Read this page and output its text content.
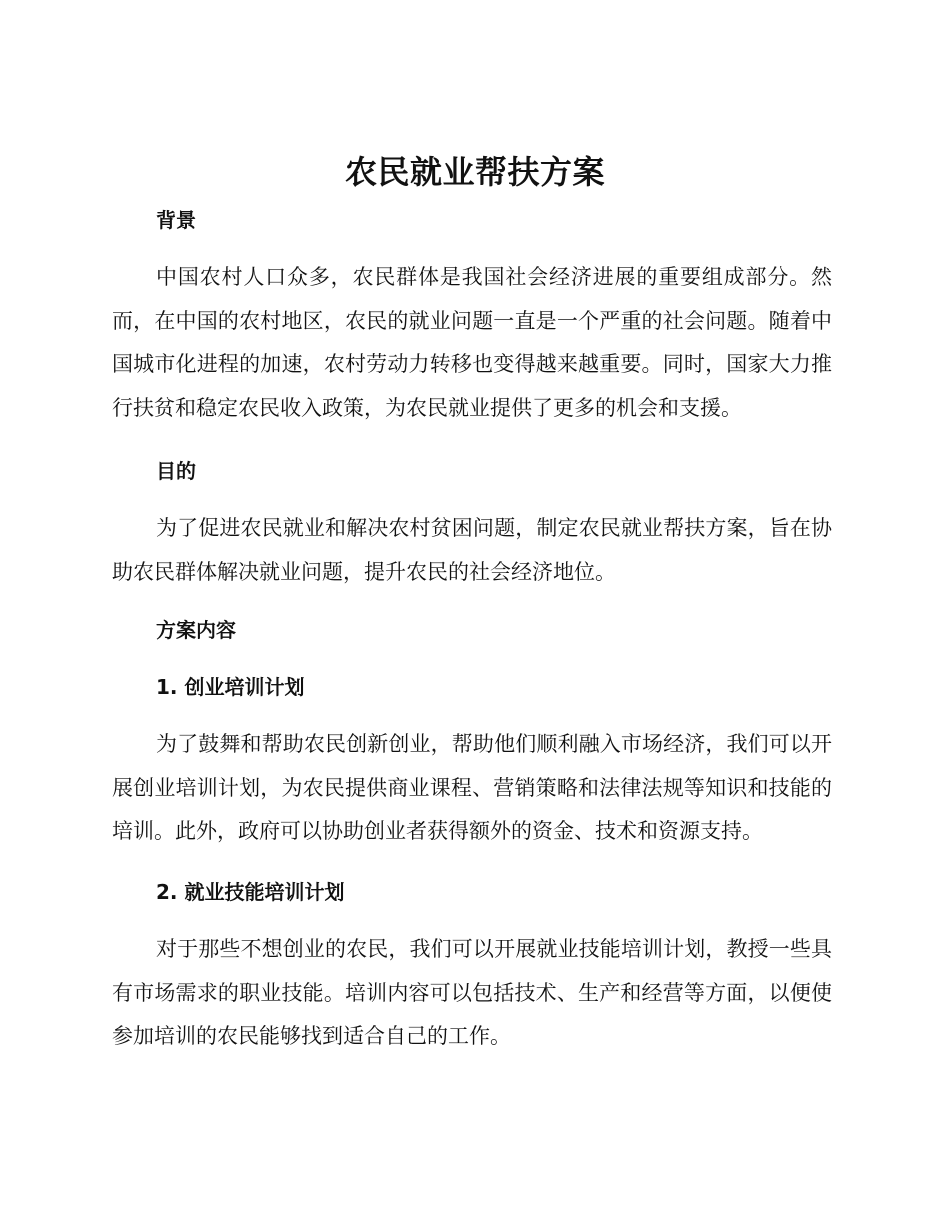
农民就业帮扶方案
背景
中国农村人口众多，农民群体是我国社会经济进展的重要组成部分。然而，在中国的农村地区，农民的就业问题一直是一个严重的社会问题。随着中国城市化进程的加速，农村劳动力转移也变得越来越重要。同时，国家大力推行扶贫和稳定农民收入政策，为农民就业提供了更多的机会和支援。
目的
为了促进农民就业和解决农村贫困问题，制定农民就业帮扶方案，旨在协助农民群体解决就业问题，提升农民的社会经济地位。
方案内容
1. 创业培训计划
为了鼓舞和帮助农民创新创业，帮助他们顺利融入市场经济，我们可以开展创业培训计划，为农民提供商业课程、营销策略和法律法规等知识和技能的培训。此外，政府可以协助创业者获得额外的资金、技术和资源支持。
2. 就业技能培训计划
对于那些不想创业的农民，我们可以开展就业技能培训计划，教授一些具有市场需求的职业技能。培训内容可以包括技术、生产和经营等方面，以便使参加培训的农民能够找到适合自己的工作。
